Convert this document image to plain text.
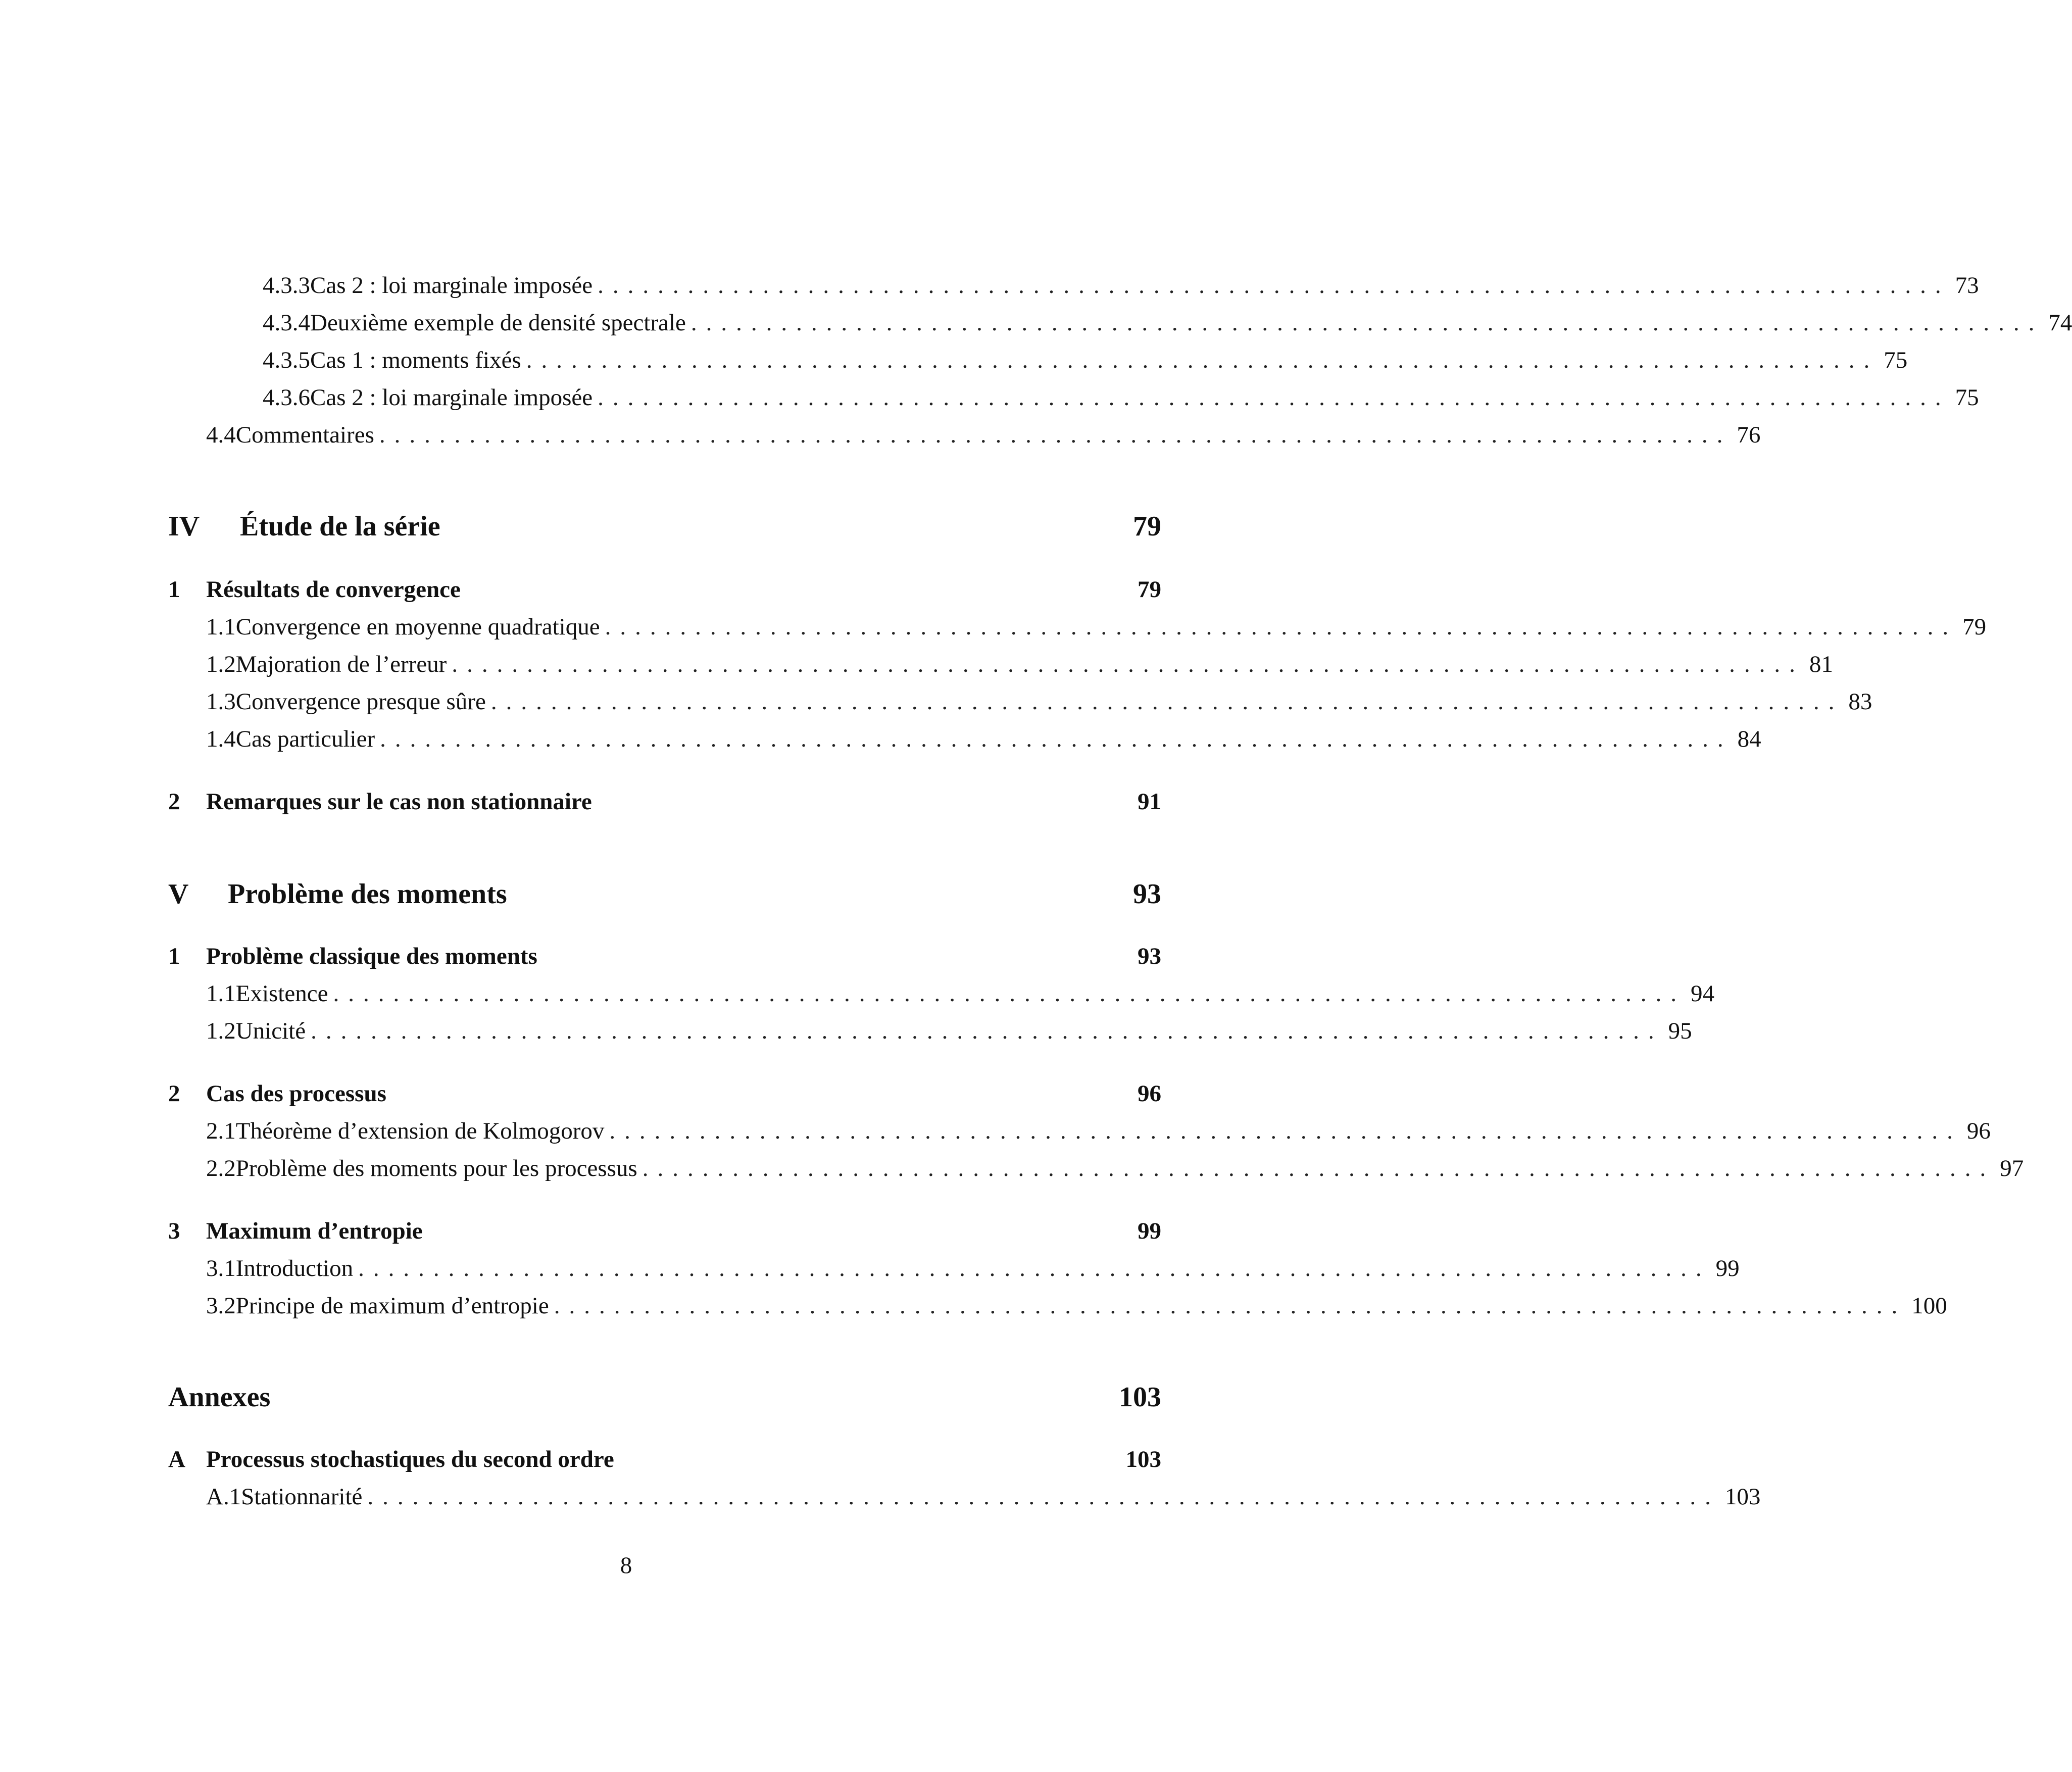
4.3.3 Cas 2 : loi marginale imposée .......................................................................................... 73
4.3.4 Deuxième exemple de densité spectrale .......................................................................................... 74
4.3.5 Cas 1 : moments fixés .......................................................................................... 75
4.3.6 Cas 2 : loi marginale imposée .......................................................................................... 75
4.4 Commentaires .......................................................................................... 76
IV	Étude de la série	79
1	Résultats de convergence	79
1.1 Convergence en moyenne quadratique .......................................................................................... 79
1.2 Majoration de l’erreur .......................................................................................... 81
1.3 Convergence presque sûre .......................................................................................... 83
1.4 Cas particulier .......................................................................................... 84
2	Remarques sur le cas non stationnaire	91
V	Problème des moments	93
1	Problème classique des moments	93
1.1 Existence .......................................................................................... 94
1.2 Unicité .......................................................................................... 95
2	Cas des processus	96
2.1 Théorème d’extension de Kolmogorov .......................................................................................... 96
2.2 Problème des moments pour les processus .......................................................................................... 97
3	Maximum d’entropie	99
3.1 Introduction .......................................................................................... 99
3.2 Principe de maximum d’entropie .......................................................................................... 100
Annexes	103
A Processus stochastiques du second ordre	103
A.1 Stationnarité .......................................................................................... 103
8
